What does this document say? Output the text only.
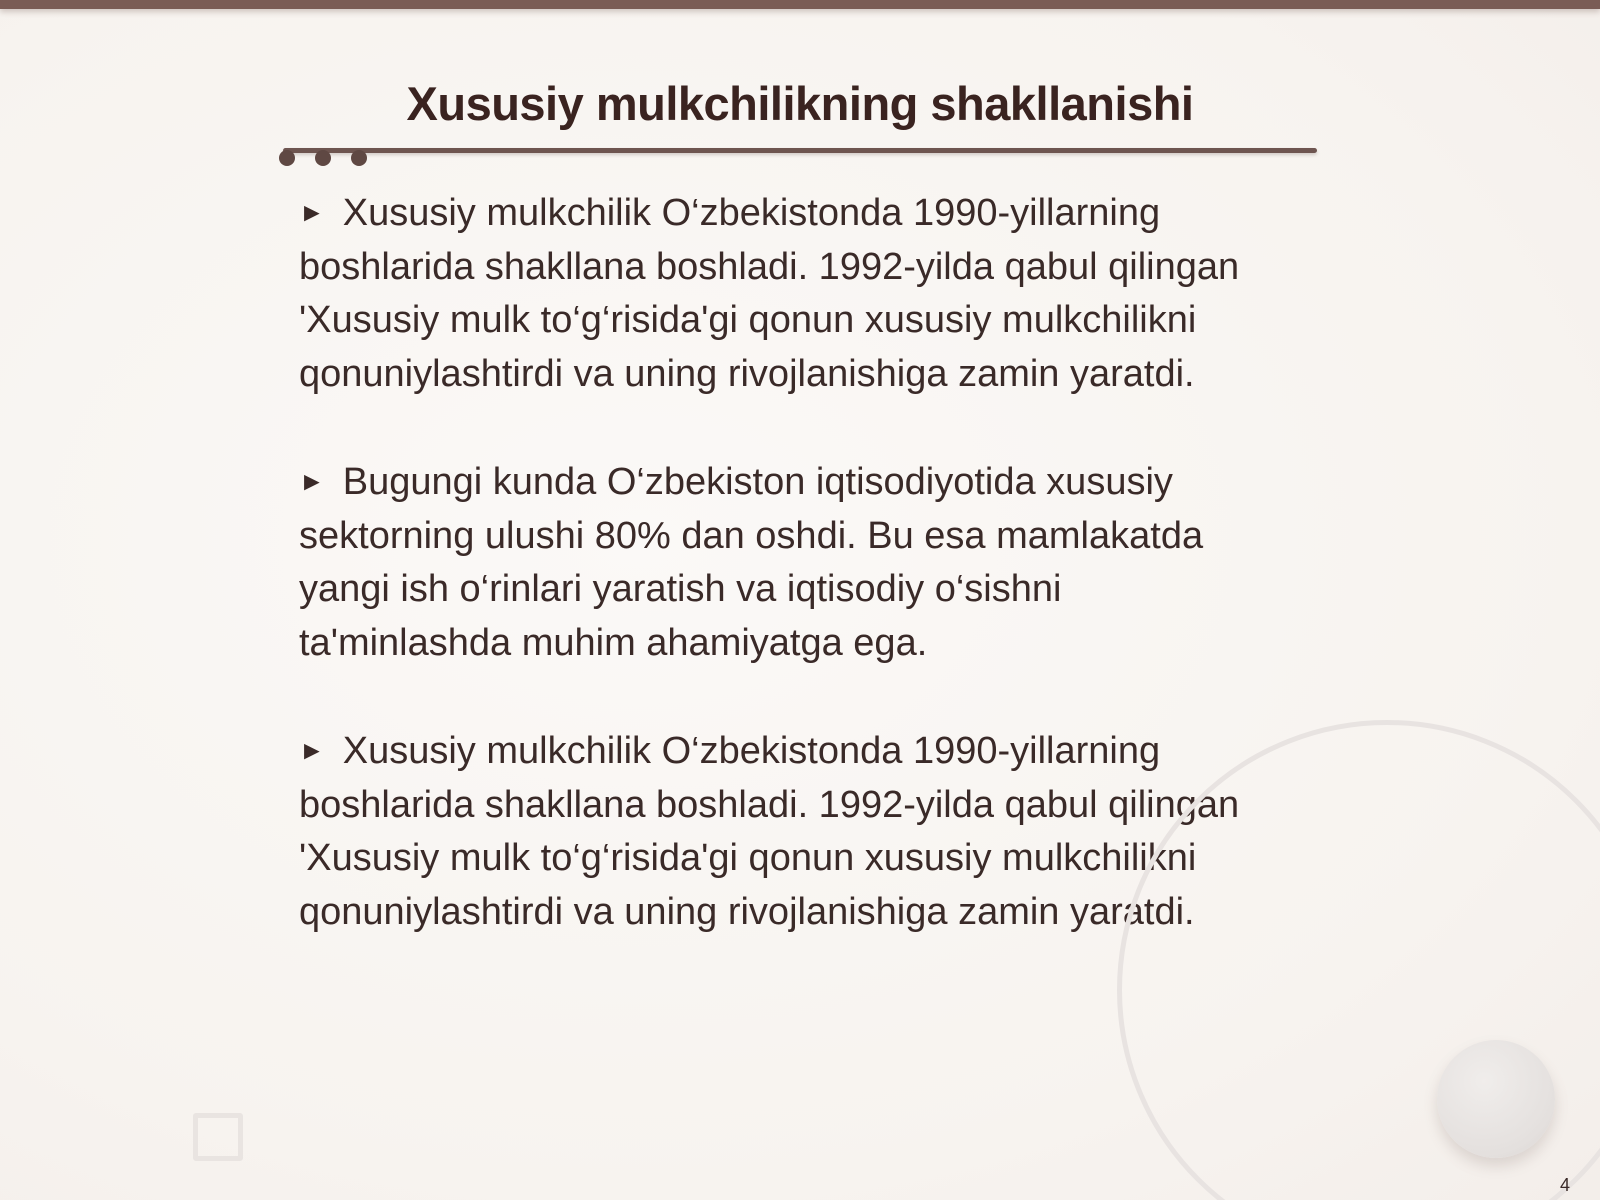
Xususiy mulkchilikning shakllanishi

► Xususiy mulkchilik O‘zbekistonda 1990-yillarning boshlarida shakllana boshladi. 1992-yilda qabul qilingan 'Xususiy mulk to‘g‘risida'gi qonun xususiy mulkchilikni qonuniylashtirdi va uning rivojlanishiga zamin yaratdi.

► Bugungi kunda O‘zbekiston iqtisodiyotida xususiy sektorning ulushi 80% dan oshdi. Bu esa mamlakatda yangi ish o‘rinlari yaratish va iqtisodiy o‘sishni ta'minlashda muhim ahamiyatga ega.

► Xususiy mulkchilik O‘zbekistonda 1990-yillarning boshlarida shakllana boshladi. 1992-yilda qabul qilingan 'Xususiy mulk to‘g‘risida'gi qonun xususiy mulkchilikni qonuniylashtirdi va uning rivojlanishiga zamin yaratdi.

4
